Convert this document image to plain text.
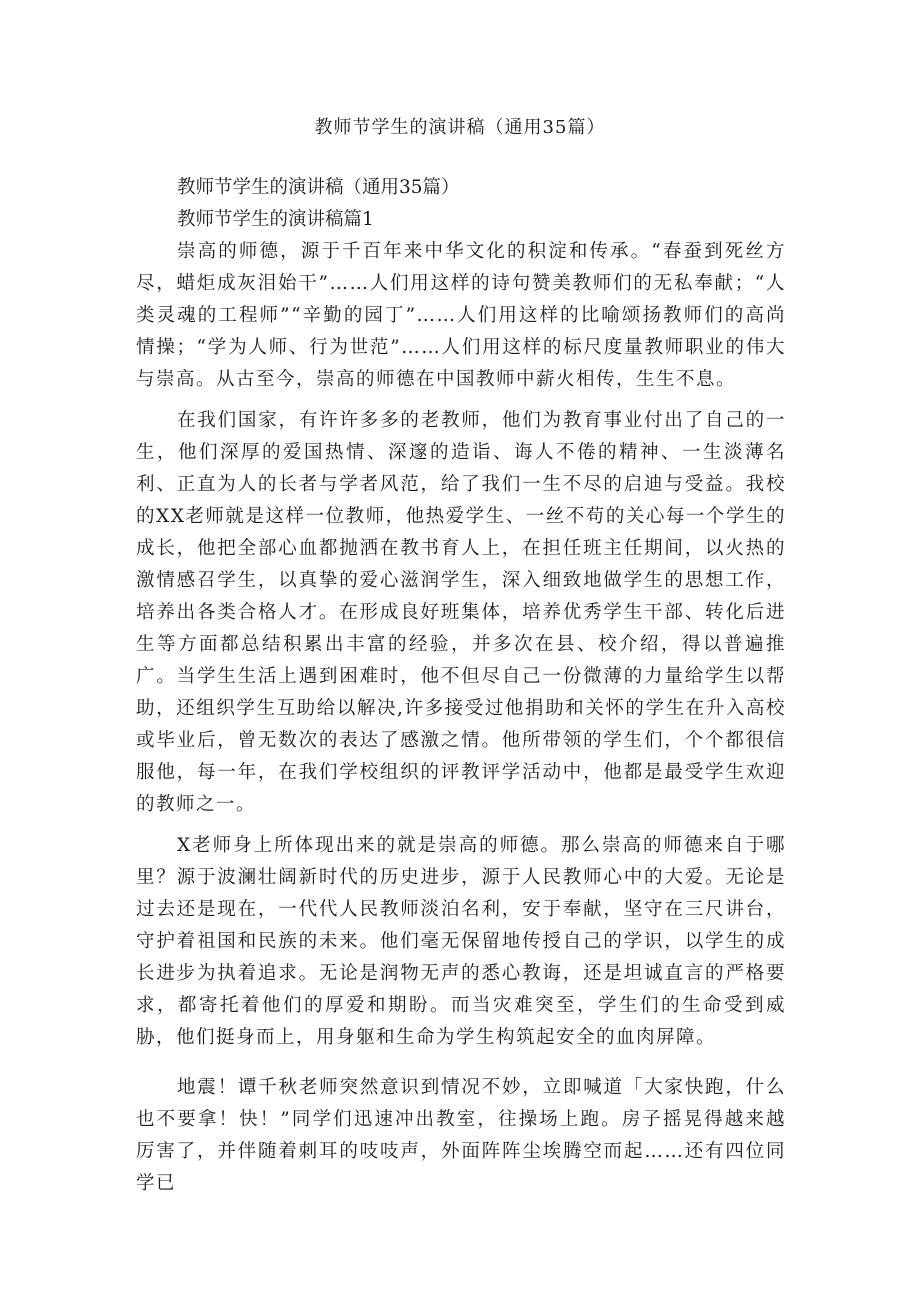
教师节学生的演讲稿（通用35篇）

教师节学生的演讲稿（通用35篇）

教师节学生的演讲稿篇1

崇高的师德，源于千百年来中华文化的积淀和传承。“春蚕到死丝方尽，蜡炬成灰泪始干”……人们用这样的诗句赞美教师们的无私奉献；“人类灵魂的工程师”“辛勤的园丁”……人们用这样的比喻颂扬教师们的高尚情操；“学为人师、行为世范”……人们用这样的标尺度量教师职业的伟大与崇高。从古至今，崇高的师德在中国教师中薪火相传，生生不息。

在我们国家，有许许多多的老教师，他们为教育事业付出了自己的一生，他们深厚的爱国热情、深邃的造诣、诲人不倦的精神、一生淡薄名利、正直为人的长者与学者风范，给了我们一生不尽的启迪与受益。我校的XX老师就是这样一位教师，他热爱学生、一丝不苟的关心每一个学生的成长，他把全部心血都抛洒在教书育人上，在担任班主任期间，以火热的激情感召学生，以真挚的爱心滋润学生，深入细致地做学生的思想工作，培养出各类合格人才。在形成良好班集体，培养优秀学生干部、转化后进生等方面都总结积累出丰富的经验，并多次在县、校介绍，得以普遍推广。当学生生活上遇到困难时，他不但尽自己一份微薄的力量给学生以帮助，还组织学生互助给以解决,许多接受过他捐助和关怀的学生在升入高校或毕业后，曾无数次的表达了感激之情。他所带领的学生们，个个都很信服他，每一年，在我们学校组织的评教评学活动中，他都是最受学生欢迎的教师之一。

X老师身上所体现出来的就是崇高的师德。那么崇高的师德来自于哪里？源于波澜壮阔新时代的历史进步，源于人民教师心中的大爱。无论是过去还是现在，一代代人民教师淡泊名利，安于奉献，坚守在三尺讲台，守护着祖国和民族的未来。他们毫无保留地传授自己的学识，以学生的成长进步为执着追求。无论是润物无声的悉心教诲，还是坦诚直言的严格要求，都寄托着他们的厚爱和期盼。而当灾难突至，学生们的生命受到威胁，他们挺身而上，用身躯和生命为学生构筑起安全的血肉屏障。

地震！谭千秋老师突然意识到情况不妙，立即喊道「大家快跑，什么也不要拿！快！”同学们迅速冲出教室，往操场上跑。房子摇晃得越来越厉害了，并伴随着刺耳的吱吱声，外面阵阵尘埃腾空而起……还有四位同学已
